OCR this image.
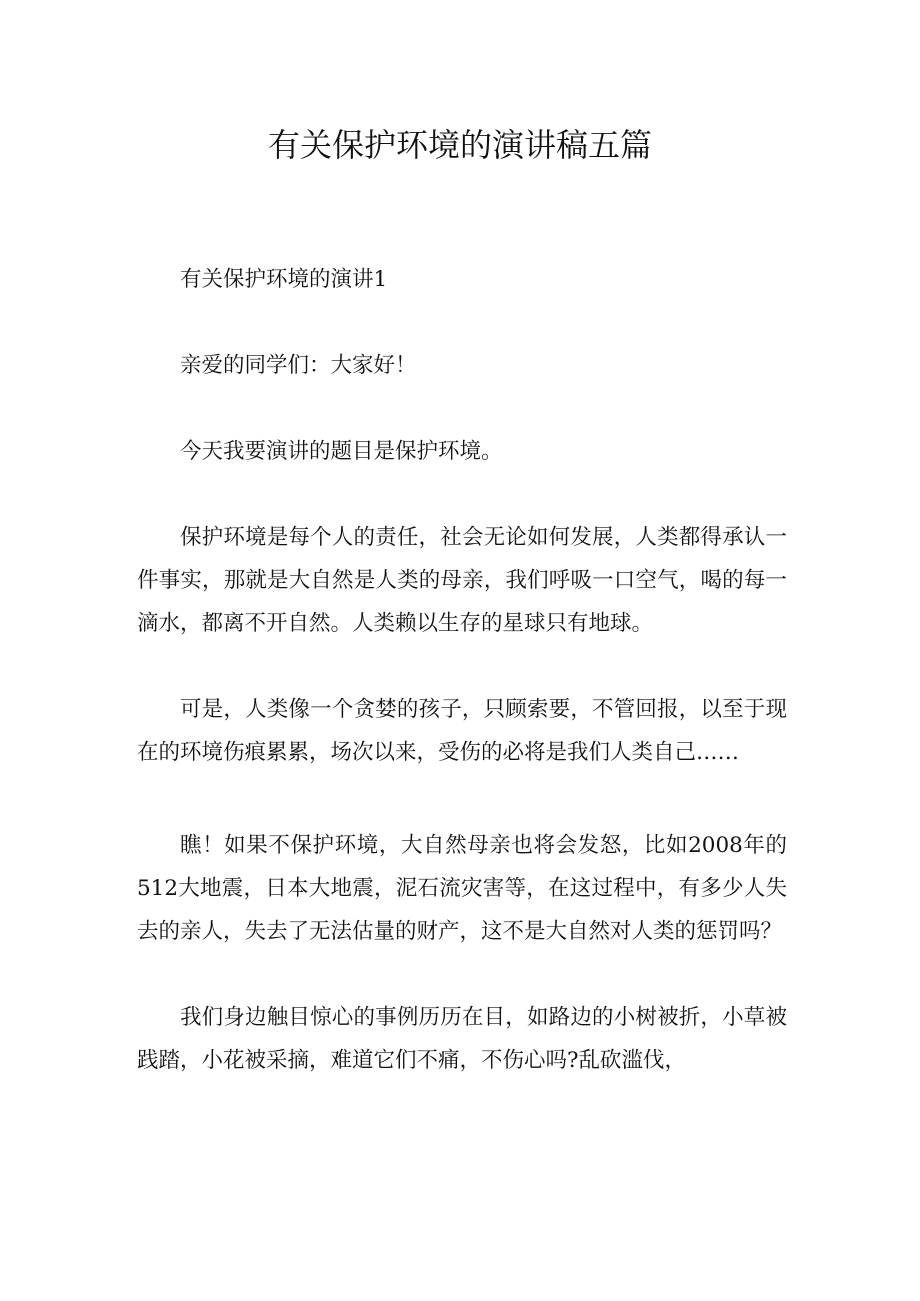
有关保护环境的演讲稿五篇

有关保护环境的演讲1

亲爱的同学们：大家好！

今天我要演讲的题目是保护环境。

保护环境是每个人的责任，社会无论如何发展，人类都得承认一件事实，那就是大自然是人类的母亲，我们呼吸一口空气，喝的每一滴水，都离不开自然。人类赖以生存的星球只有地球。

可是，人类像一个贪婪的孩子，只顾索要，不管回报，以至于现在的环境伤痕累累，场次以来，受伤的必将是我们人类自己……

瞧！如果不保护环境，大自然母亲也将会发怒，比如2008年的512大地震，日本大地震，泥石流灾害等，在这过程中，有多少人失去的亲人，失去了无法估量的财产，这不是大自然对人类的惩罚吗？

我们身边触目惊心的事例历历在目，如路边的小树被折，小草被践踏，小花被采摘，难道它们不痛，不伤心吗?乱砍滥伐，
